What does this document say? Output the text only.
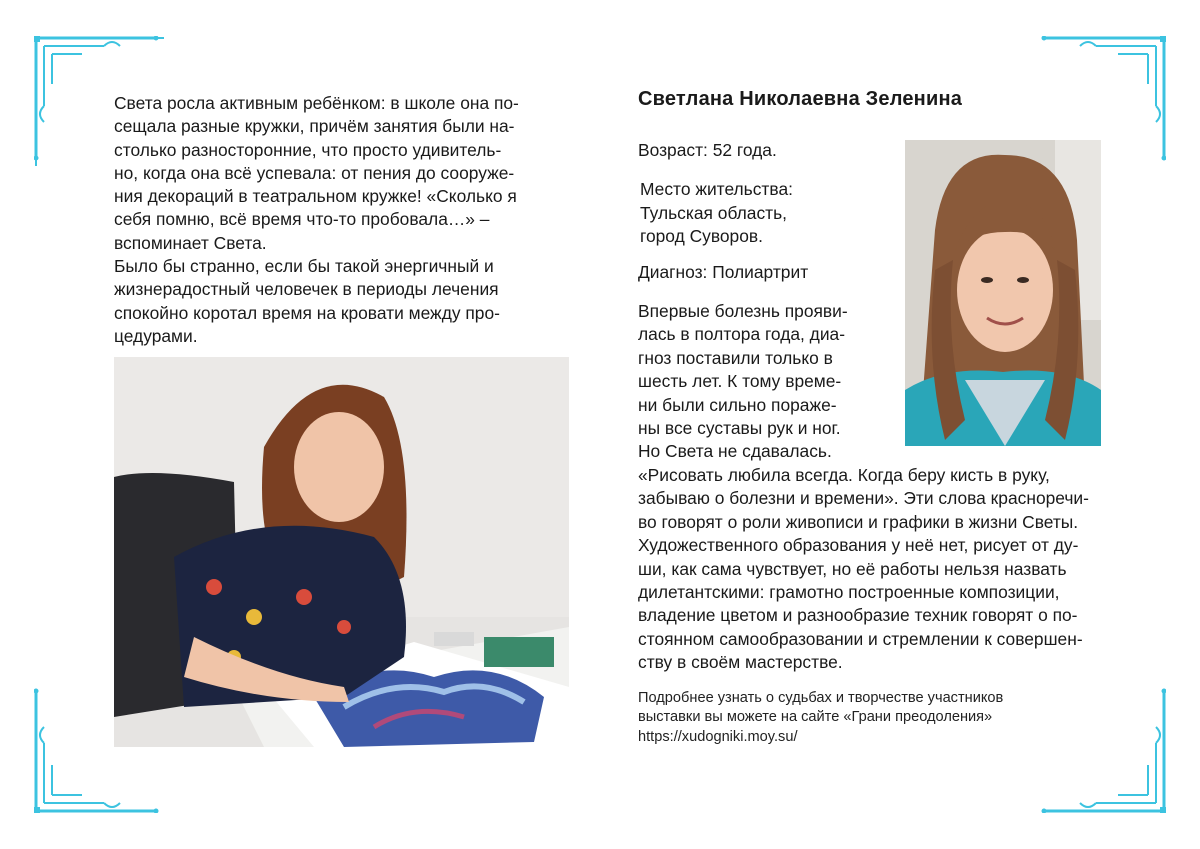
Света росла активным ребёнком: в школе она по-
сещала разные кружки, причём занятия были на-
столько разносторонние, что просто удивитель-
но, когда она всё успевала: от пения до сооруже-
ния декораций в театральном кружке! «Сколько я
себя помню, всё время что-то пробовала…» –
вспоминает Света.

Было бы странно, если бы такой энергичный и
жизнерадостный человечек в периоды лечения
спокойно коротал время на кровати между про-
цедурами.

Светлана Николаевна Зеленина
Возраст: 52 года.
Место жительства:
Тульская область,
город Суворов.
Диагноз: Полиартрит
Впервые болезнь прояви-
лась в полтора года, диа-
гноз поставили только в
шесть лет. К тому време-
ни были сильно пораже-
ны все суставы рук и ног.
Но Света не сдавалась.
«Рисовать любила всегда. Когда беру кисть в руку,
забываю о болезни и времени». Эти слова красноречи-
во говорят о роли живописи и графики в жизни Светы.
Художественного образования у неё нет, рисует от ду-
ши, как сама чувствует, но её работы нельзя назвать
дилетантскими: грамотно построенные композиции,
владение цветом и разнообразие техник говорят о по-
стоянном самообразовании и стремлении к совершен-
ству в своём мастерстве.
Подробнее узнать о судьбах и творчестве участников
выставки вы можете на сайте «Грани преодоления»
https://xudogniki.moy.su/
